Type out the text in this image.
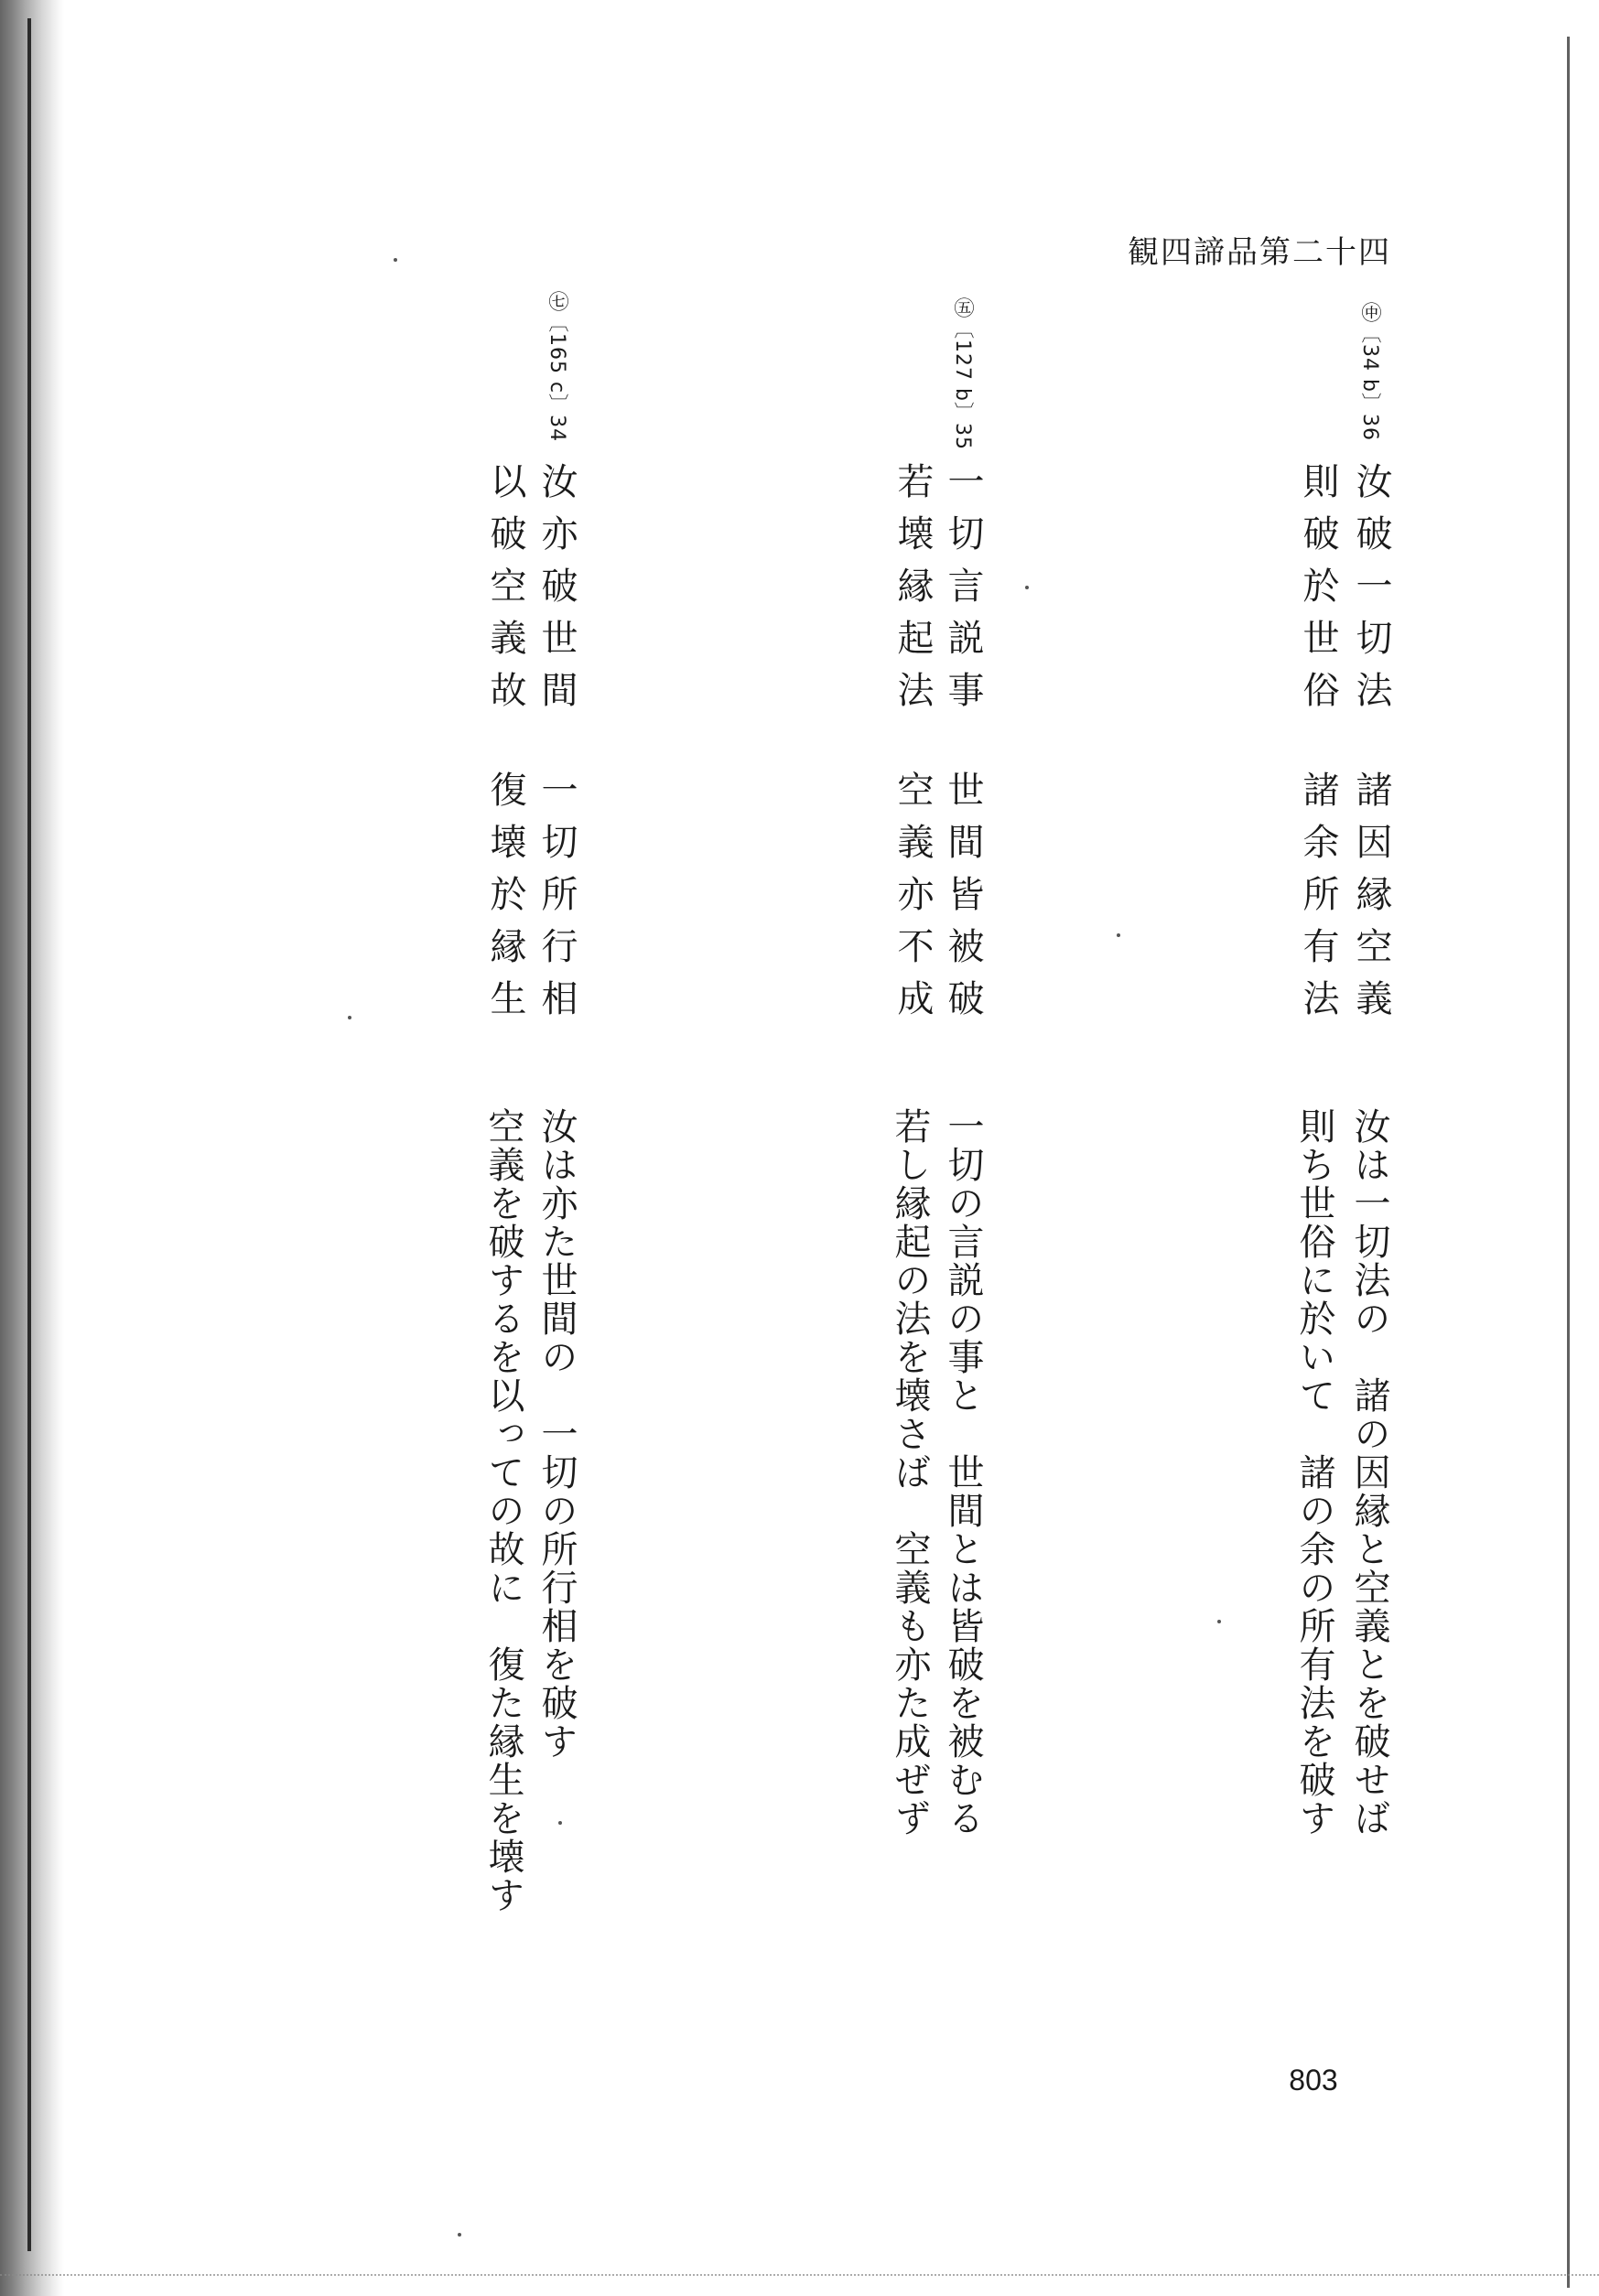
観四諦品第二十四
㊥〔34 b〕36
汝破一切法諸因縁空義
則破於世俗諸余所有法
汝は一切法の　諸の因縁と空義とを破せば
則ち世俗に於いて　諸の余の所有法を破す
㊄〔127 b〕35
一切言説事世間皆被破
若壊縁起法空義亦不成
一切の言説の事と　世間とは皆破を被むる
若し縁起の法を壊さば　空義も亦た成ぜず
㊆〔165 c〕34
汝亦破世間一切所行相
以破空義故復壊於縁生
汝は亦た世間の　一切の所行相を破す
空義を破するを以っての故に　復た縁生を壊す
803
